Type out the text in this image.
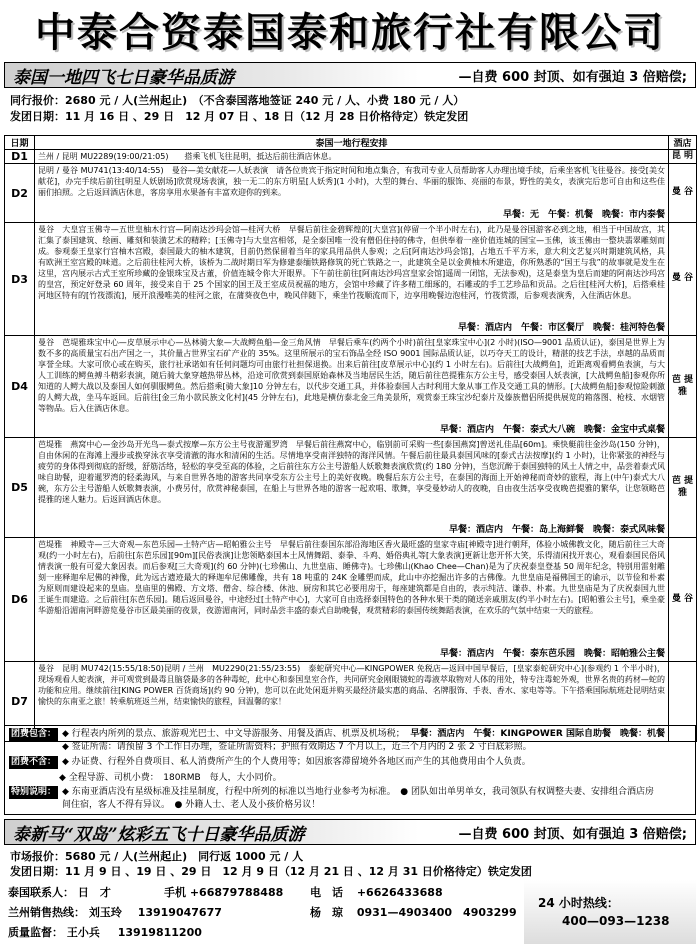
中泰合资泰国泰和旅行社有限公司
泰国一地四飞七日豪华品质游	—自费 600 封顶、如有强迫 3 倍赔偿;
同行报价：2680 元 / 人(兰州起止)　（不含泰国落地签证 240 元 / 人、小费 180 元 / 人）
发团日期：11 月 16 日 、29 日　12 月 07 日 、18 日（12 月 28 日价格待定）铁定发团
日期	泰国一地行程安排	酒店
D1	兰州 / 昆明 MU2289(19:00/21:05)　　搭乘飞机飞往昆明，抵达后前往酒店休息。	昆 明
D2	昆明 / 曼谷 MU741(13:40/14:55)　曼谷—美女献花—人妖表演　请各位贵宾于指定时间和地点集合，有我司专业人员帮助客人办理出境手续，后乘坐客机飞往曼谷。接受[美女献花]，办完手续后前往[明星人妖剧场]欣赏现场表演，独一无二的东方明星[人妖秀](1 小时)，大型的舞台、华丽的服饰、亮丽的布景，野性的美女，表演完后您可自由和这些佳丽们拍照。之后返回酒店休息，客房享用水果备有丰富欢迎你的到来。
早餐：无　午餐：机餐　晚餐：市内泰餐	曼 谷
D3	曼谷　大皇宫玉佛寺—五世皇柚木行宫—阿南达沙玛会馆—桂河大桥　早餐后前往金碧辉煌的[大皇宫](停留一个半小时左右)，此乃是曼谷国游客必到之地，相当于中国故宫，其汇集了泰国建筑、绘画、雕刻和装潢艺术的精粹；[玉佛寺]与大皇宫相邻，是全泰国唯一没有僧侣住持的佛寺，但供奉着一座价值连城的国宝—玉佛，该玉佛由一整块翡翠雕刻而成。参观泰王皇家行宫柚木宫殿，泰国最大的柚木建筑，目前仍然保留着当年的家具用品供人参观；之后[阿南达沙玛会馆]，占地五千平方米，意大利文艺复兴时期建筑风格，具有欧洲王室宫殿的味道。之后前往桂河大桥，该桥为二战时期日军为修建泰缅铁路修筑的死亡铁路之一，此建筑全是以金黄柚木所建造，你所熟悉的“国王与我”的故事就是发生在这里，宫内展示古式王室所珍藏的金银珠宝及古董，价值连城令你大开眼界。下午前往前往[阿南达沙玛宫皇家会馆]遥周一闭馆，无法参观)，这是泰皇为皇后而建的阿南达沙玛宫的皇宫，预定好登录 60 周年，接受来自于 25 个国家的国王及王室成员祝福的地方，会馆中珍藏了许多精工细琢的，石雕或的手工艺珍品和贡品。之后往[桂河大桥]，后搭乘桂河地区特有的[竹筏漂流]，展开浪漫唯美的桂河之旅，在蒲葵夜色中，晚风伴随下，乘坐竹筏顺流而下，边享用晚餐边泡桂河，竹筏赏漂，后参观表演秀，入住酒店休息。
早餐：酒店内　午餐：市区餐厅　晚餐：桂河特色餐	曼 谷
D4	曼谷　芭堤雅珠宝中心—皮草展示中心—丛林骑大象—大战鳄鱼船—金三角风情　早餐后乘车(约两个小时)前往[皇家珠宝中心](2 小时)(ISO—9001 品质认证)，泰国是世界上为数不多的高质量宝石出产国之一，其价量占世界宝石矿产业的 35%。这里所展示的宝石饰品全经 ISO 9001 国际品质认证，以巧夺天工的设计，精湛的技艺手法，卓越的品质而享誉全球。大家可欣心或在购买，旅行社承诺如有任何问题均可由旅行社担保退换。出来后前往[皮草展示中心](约 1 小时左右)。后前往[大战鳄鱼]，近距离观看鳄鱼表演，与大人工训练的鳄鱼搏斗精彩表演，随后骑大象穿越热带丛林，沿途可欣赏到泰国原始森林及当地居民生活，随后前往芭提雅东方公主号，感受泰国人妖表演，[大战鳄鱼船]参观你所知道的人鳄大战以及泰国人如何驯服鳄鱼。然后搭乘[骑大象]10 分钟左右，以代步交通工具，并体验泰国人古时利用大象从事工作及交通工具的情形。[大战鳄鱼船]参观惊险刺激的人鳄大战，坐马车返回。后前往[金三角小款民族文化村](45 分钟左右)，此地是横仿泰北金三角美景所，观赏泰王珠宝沙纪泰片及傣族僧侣所提供展览的箱落图、枪枝、水烟管等物品。后入住酒店休息。
早餐：酒店内　午餐：泰式大八碗　晚餐：金宝中式桌餐	芭 提 雅
D5	芭堤雅　燕窝中心—金沙岛开光鸟—泰式按摩—东方公主号夜游暹罗湾　早餐后前往燕窝中心，临别前可采购一些[泰国燕窝]曾送礼佳品[60m]。乘快艇前往金沙岛(150 分钟)，自由休闲的在海滩上漫步或换穿泳衣享受清澈的海水和清闲的生活。尽情地享受南洋独特的海洋风情。午餐后前往最具泰国风味的[泰式古法按摩](约 1 小时)，让你紧张的神经与疲劳的身体得到彻底的舒缓，舒筋活络，轻松的享受至高的体验，之后前往东方公主号游船人妖歌舞表演欣赏(约 180 分钟)，当您沉醉于泰国独特的风土人情之中，品尝着泰式风味自助餐，迎着暹罗湾的轻柔海风，与来自世界各地的游客共同享受东方公主号上的美好夜晚。晚餐后东方公主号，在泰国的海面上开始神秘而奇妙的旅程，海上(中午)泰式大八碗，东方公主号游船人妖歌舞表演，小费另付，欣赏神秘泰国，在船上与世界各地的游客一起欢唱、歌舞，享受曼妙动人的夜晚，自由夜生活享受夜晚芭提雅的繁华，让您领略芭提雅的迷人魅力。后返回酒店休息。
早餐：酒店内　午餐：岛上海鲜餐　晚餐：泰式风味餐	芭 提 雅
D6	芭堤雅　神殿寺—三大奇观—东芭乐园—土特产店—昭帕雅公主号　早餐后前往泰国东部沿海地区香火最旺盛的皇家寺庙[神殿寺]进行朝拜，体验小城佛教文化，随后前往三大奇观(约一小时左右)，后前往[东芭乐园][90m][民俗表演]让您领略泰国本土风情舞蹈、泰拳、斗鸡、婚俗典礼等[大象表演]更新让您开怀大笑，乐得清闲找开衷心，观看泰国民俗风情表演一般有可爱大象因表。而后参观[三大奇观](约 60 分钟)(七珍佛山、九世皇庙、睡佛寺)。七珍佛山(Khao Chee—Chan)是为了庆祝泰皇登基 50 周年纪念，特别用雷射雕刻一座释迦牟尼佛的神像，此为远古遗迹最大的释迦牟尼佛雕像，共有 18 吨重的 24K 金雕塑而成，此山中亦挖掘出许多的古佛像。九世皇庙是福佛国王的谕示，以节俭和朴素为原则而建设起来的皇庙。皇庙里的佛殿、方文塔、僧舍、综合楼、休池、厨房和其它必要用房于，每座建筑都是自由的，表示纯洁、谦恭、朴素。九世皇庙是为了庆祝泰国九世王诞生而建造。之后前往[东芭乐园]。随后返回曼谷，中途经过[土特产中心]，大家可自由选择泰国特色的各种水果干类的随送亲戚朋友(约半小时左右)。[昭帕雅公主号]，乘坐豪华游船沿湄南河畔游览曼谷市区最美丽的夜景，夜游湄南河，同时品尝丰盛的泰式自助晚餐，观赏精彩的泰国传统舞蹈表演，在欢乐的气氛中结束一天的旅程。
早餐：酒店内　午餐：泰东芭乐园　晚餐：昭帕雅公主餐	曼 谷
D7	曼谷　昆明 MU742(15:55/18:50)昆明 / 兰州　MU2290(21:55/23:55)　泰蛇研究中心—KINGPOWER 免税店—返回中国早餐后，[皇家泰蛇研究中心](参观约 1 个半小时)，现场观看人蛇表演，并可观赏到最毒且脑袋最多的各种毒蛇，此中心和泰国皇室合作，共同研究金刚眼镜蛇的毒液萃取物对人体的用处，特专注毒蛇外观，世界名贵的药材—蛇的功能和应用。继续前往[KING POWER 百货商场](约 90 分钟)，您可以在此处闲逛并购买最经济最实惠的商品、名牌服饰、手表、香水、家电等等。下午搭乘国际航班赴昆明结束愉快的东南亚之旅！转乘航班返兰州，结束愉快的旅程，回温馨的家！
早餐：酒店内　午餐：KINGPOWER 国际自助餐　晚餐：机餐	

团费包含： ◆ 行程表内所列的景点、旅游观光巴士、中文导游服务、用餐及酒店、机票及机场税；
◆ 签证所需：请预留 3 个工作日办理，签证所需资料；护照有效期达 7 个月以上，近三个月内的 2 张 2 寸白底彩照。
团费不含： ◆ 办证费、行程外自费项目、私人消费所产生的个人费用等；如因旅客滞留境外各地区而产生的其他费用由个人负责。
◆ 全程导游、司机小费：　180RMB　每人，大小同价。
特别说明： ◆ 东南亚酒店没有星级标准及挂星制度，行程中所列的标准以当地行业参考为标准。　● 团队如出单男单女，我司领队有权调整夫妻、安排组合酒店房间住宿，客人不得有异议。　● 外籍人士、老人及小孩价格另议！
泰新马“双岛”炫彩五飞十日豪华品质游	—自费 600 封顶、如有强迫 3 倍赔偿;
市场报价：5680 元 / 人(兰州起止)　同行返 1000 元 / 人
发团日期：11 月 9 日 、19 日 、29 日　12 月 9 日（12 月 21 日 、12 月 31 日价格待定）铁定发团
24 小时热线：
400—093—1238
泰国联系人： 日　才	手机 +66879788488 电　话 +6626433688
兰州销售热线： 刘玉玲 13919047677	杨　琼 0931—4903400　4903299
质量监督： 王小兵 13919811200
